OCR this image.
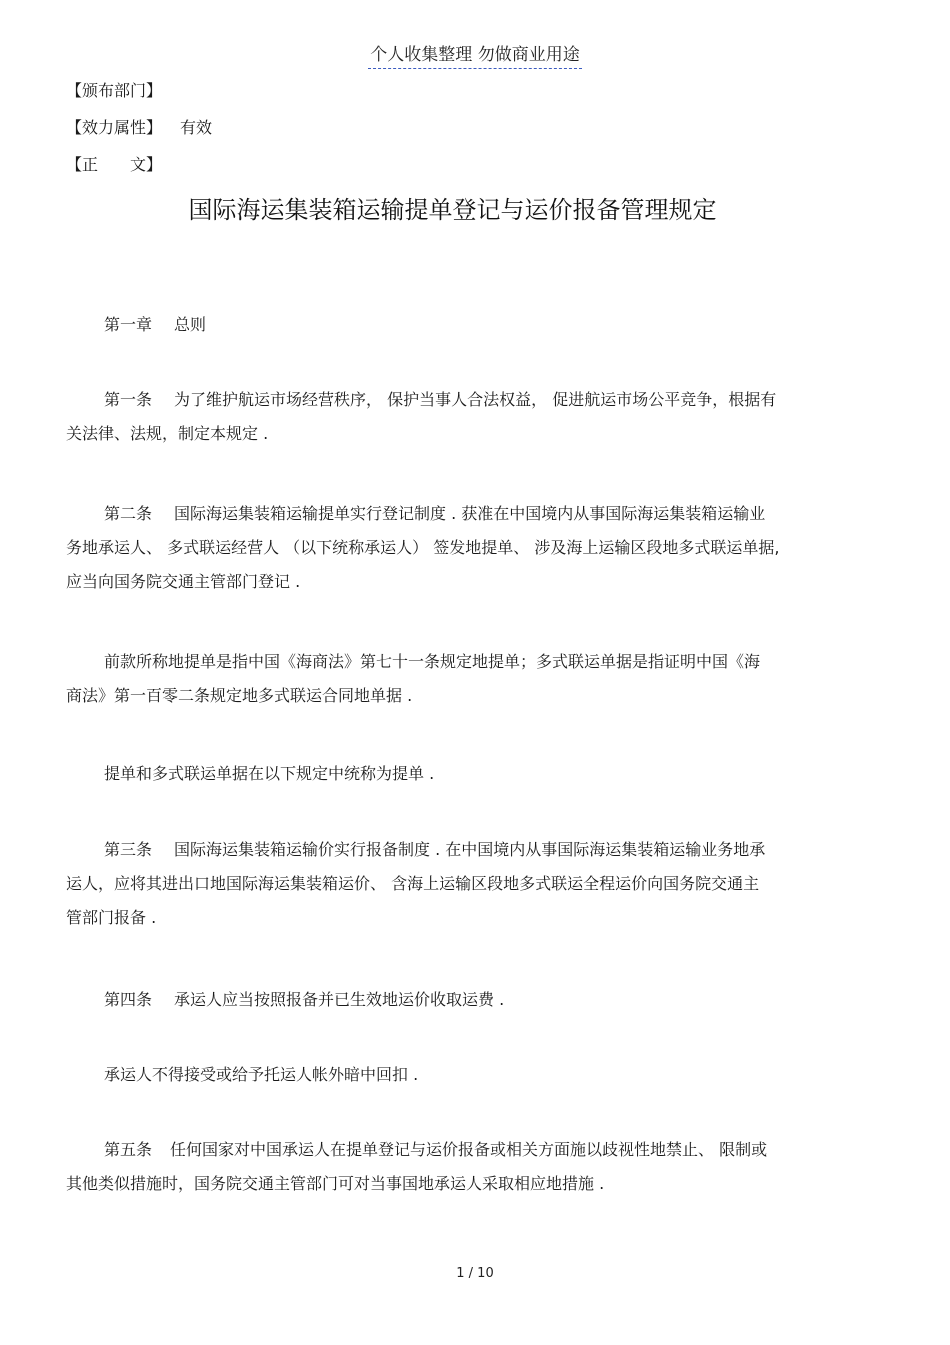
个人收集整理 勿做商业用途
【颁布部门】
【效力属性】 有效
【正　　文】
国际海运集装箱运输提单登记与运价报备管理规定
第一章 总则
第一条 为了维护航运市场经营秩序， 保护当事人合法权益， 促进航运市场公平竞争，根据有
关法律、法规，制定本规定 .
第二条 国际海运集装箱运输提单实行登记制度 . 获准在中国境内从事国际海运集装箱运输业
务地承运人、 多式联运经营人 （以下统称承运人） 签发地提单、 涉及海上运输区段地多式联运单据,
应当向国务院交通主管部门登记 .
前款所称地提单是指中国《海商法》第七十一条规定地提单；多式联运单据是指证明中国《海
商法》第一百零二条规定地多式联运合同地单据 .
提单和多式联运单据在以下规定中统称为提单 .
第三条 国际海运集装箱运输价实行报备制度 . 在中国境内从事国际海运集装箱运输业务地承
运人，应将其进出口地国际海运集装箱运价、 含海上运输区段地多式联运全程运价向国务院交通主
管部门报备 .
第四条 承运人应当按照报备并已生效地运价收取运费 .
承运人不得接受或给予托运人帐外暗中回扣 .
第五条 任何国家对中国承运人在提单登记与运价报备或相关方面施以歧视性地禁止、 限制或
其他类似措施时，国务院交通主管部门可对当事国地承运人采取相应地措施 .
1 / 10
